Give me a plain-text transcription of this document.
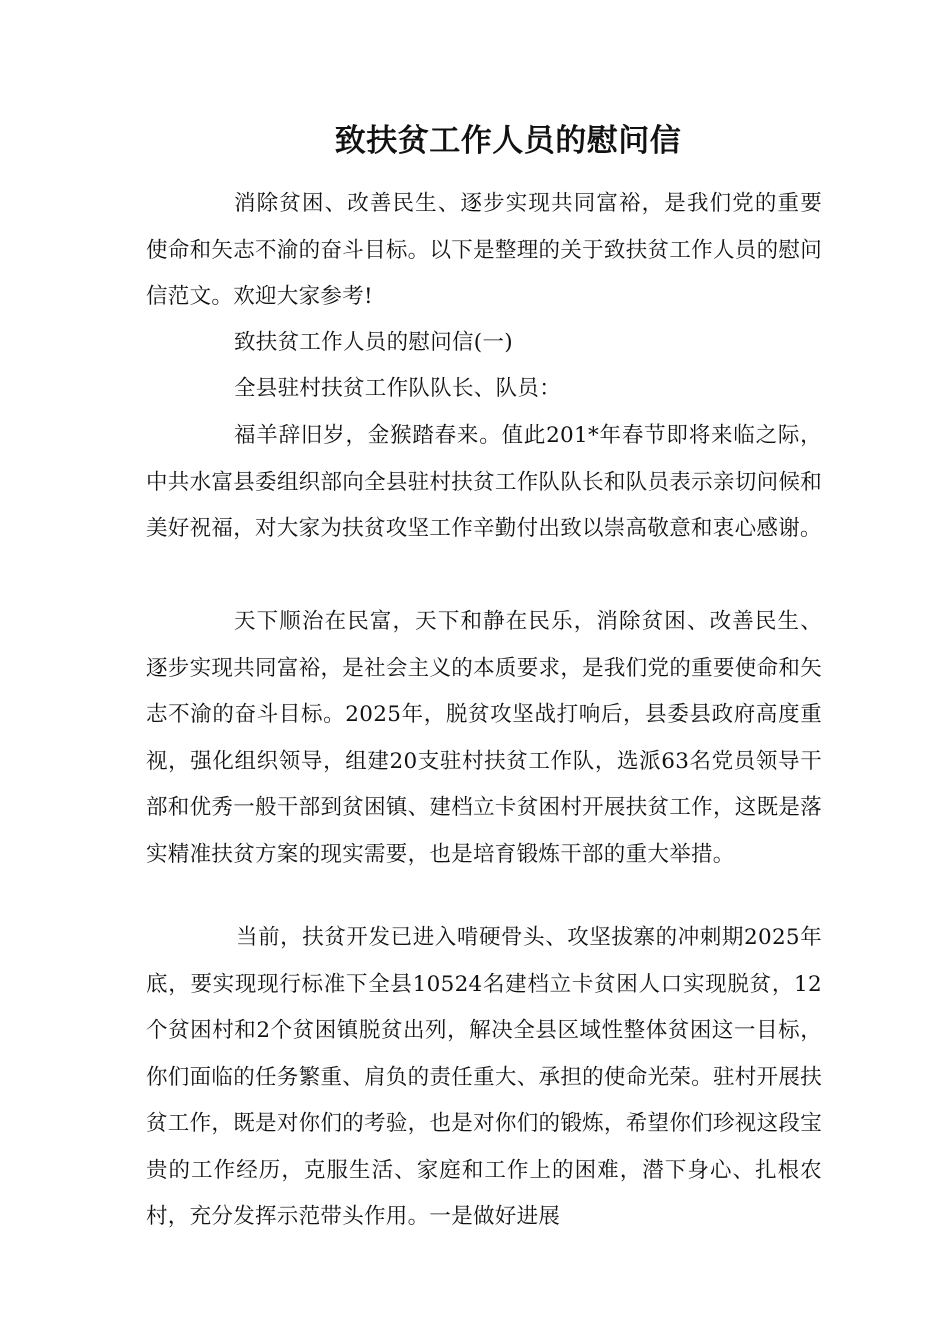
致扶贫工作人员的慰问信

消除贫困、改善民生、逐步实现共同富裕，是我们党的重要使命和矢志不渝的奋斗目标。以下是整理的关于致扶贫工作人员的慰问信范文。欢迎大家参考!

致扶贫工作人员的慰问信(一)

全县驻村扶贫工作队队长、队员：

福羊辞旧岁，金猴踏春来。值此201*年春节即将来临之际，中共水富县委组织部向全县驻村扶贫工作队队长和队员表示亲切问候和美好祝福，对大家为扶贫攻坚工作辛勤付出致以崇高敬意和衷心感谢。

天下顺治在民富，天下和静在民乐，消除贫困、改善民生、逐步实现共同富裕，是社会主义的本质要求，是我们党的重要使命和矢志不渝的奋斗目标。2025年，脱贫攻坚战打响后，县委县政府高度重视，强化组织领导，组建20支驻村扶贫工作队，选派63名党员领导干部和优秀一般干部到贫困镇、建档立卡贫困村开展扶贫工作，这既是落实精准扶贫方案的现实需要，也是培育锻炼干部的重大举措。

当前，扶贫开发已进入啃硬骨头、攻坚拔寨的冲刺期2025年底，要实现现行标准下全县10524名建档立卡贫困人口实现脱贫，12个贫困村和2个贫困镇脱贫出列，解决全县区域性整体贫困这一目标，你们面临的任务繁重、肩负的责任重大、承担的使命光荣。驻村开展扶贫工作，既是对你们的考验，也是对你们的锻炼，希望你们珍视这段宝贵的工作经历，克服生活、家庭和工作上的困难，潜下身心、扎根农村，充分发挥示范带头作用。一是做好进展
